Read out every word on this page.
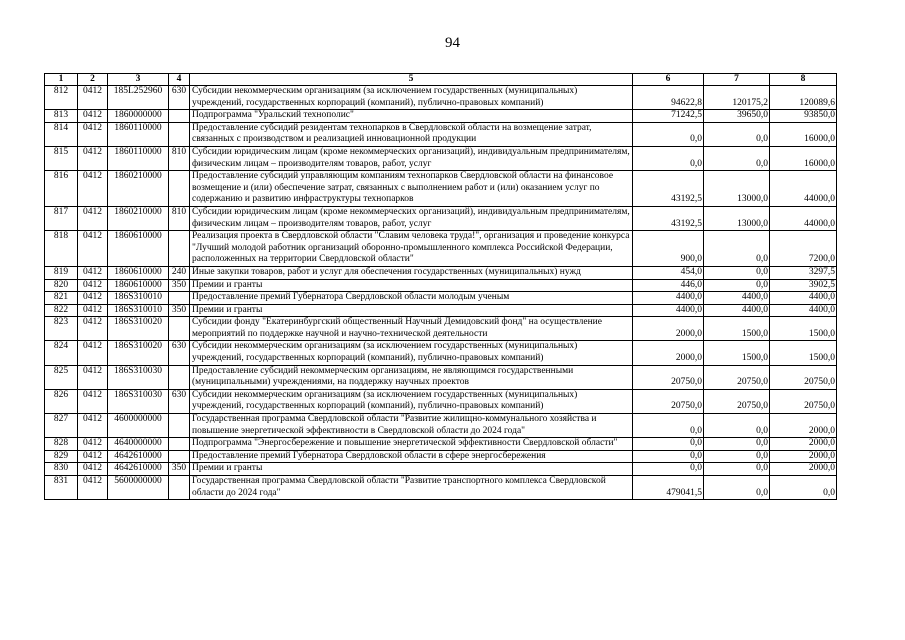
94
1	2	3	4	5	6	7	8
812	0412	185L252960	630	Субсидии некоммерческим организациям (за исключением государственных (муниципальных) учреждений, государственных корпораций (компаний), публично-правовых компаний)	94622,8	120175,2	120089,6
813	0412	1860000000		Подпрограмма "Уральский технополис"	71242,5	39650,0	93850,0
814	0412	1860110000		Предоставление субсидий резидентам технопарков в Свердловской области на возмещение затрат, связанных с производством и реализацией инновационной продукции	0,0	0,0	16000,0
815	0412	1860110000	810	Субсидии юридическим лицам (кроме некоммерческих организаций), индивидуальным предпринимателям, физическим лицам – производителям товаров, работ, услуг	0,0	0,0	16000,0
816	0412	1860210000		Предоставление субсидий управляющим компаниям технопарков Свердловской области на финансовое возмещение и (или) обеспечение затрат, связанных с выполнением работ и (или) оказанием услуг по содержанию и развитию инфраструктуры технопарков	43192,5	13000,0	44000,0
817	0412	1860210000	810	Субсидии юридическим лицам (кроме некоммерческих организаций), индивидуальным предпринимателям, физическим лицам – производителям товаров, работ, услуг	43192,5	13000,0	44000,0
818	0412	1860610000		Реализация проекта в Свердловской области "Славим человека труда!", организация и проведение конкурса "Лучший молодой работник организаций оборонно-промышленного комплекса Российской Федерации, расположенных на территории Свердловской области"	900,0	0,0	7200,0
819	0412	1860610000	240	Иные закупки товаров, работ и услуг для обеспечения государственных (муниципальных) нужд	454,0	0,0	3297,5
820	0412	1860610000	350	Премии и гранты	446,0	0,0	3902,5
821	0412	186S310010		Предоставление премий Губернатора Свердловской области молодым ученым	4400,0	4400,0	4400,0
822	0412	186S310010	350	Премии и гранты	4400,0	4400,0	4400,0
823	0412	186S310020		Субсидии фонду "Екатеринбургский общественный Научный Демидовский фонд" на осуществление мероприятий по поддержке научной и научно-технической деятельности	2000,0	1500,0	1500,0
824	0412	186S310020	630	Субсидии некоммерческим организациям (за исключением государственных (муниципальных) учреждений, государственных корпораций (компаний), публично-правовых компаний)	2000,0	1500,0	1500,0
825	0412	186S310030		Предоставление субсидий некоммерческим организациям, не являющимся государственными (муниципальными) учреждениями, на поддержку научных проектов	20750,0	20750,0	20750,0
826	0412	186S310030	630	Субсидии некоммерческим организациям (за исключением государственных (муниципальных) учреждений, государственных корпораций (компаний), публично-правовых компаний)	20750,0	20750,0	20750,0
827	0412	4600000000		Государственная программа Свердловской области "Развитие жилищно-коммунального хозяйства и повышение энергетической эффективности в Свердловской области до 2024 года"	0,0	0,0	2000,0
828	0412	4640000000		Подпрограмма "Энергосбережение и повышение энергетической эффективности Свердловской области"	0,0	0,0	2000,0
829	0412	4642610000		Предоставление премий Губернатора Свердловской области в сфере энергосбережения	0,0	0,0	2000,0
830	0412	4642610000	350	Премии и гранты	0,0	0,0	2000,0
831	0412	5600000000		Государственная программа Свердловской области "Развитие транспортного комплекса Свердловской области до 2024 года"	479041,5	0,0	0,0
